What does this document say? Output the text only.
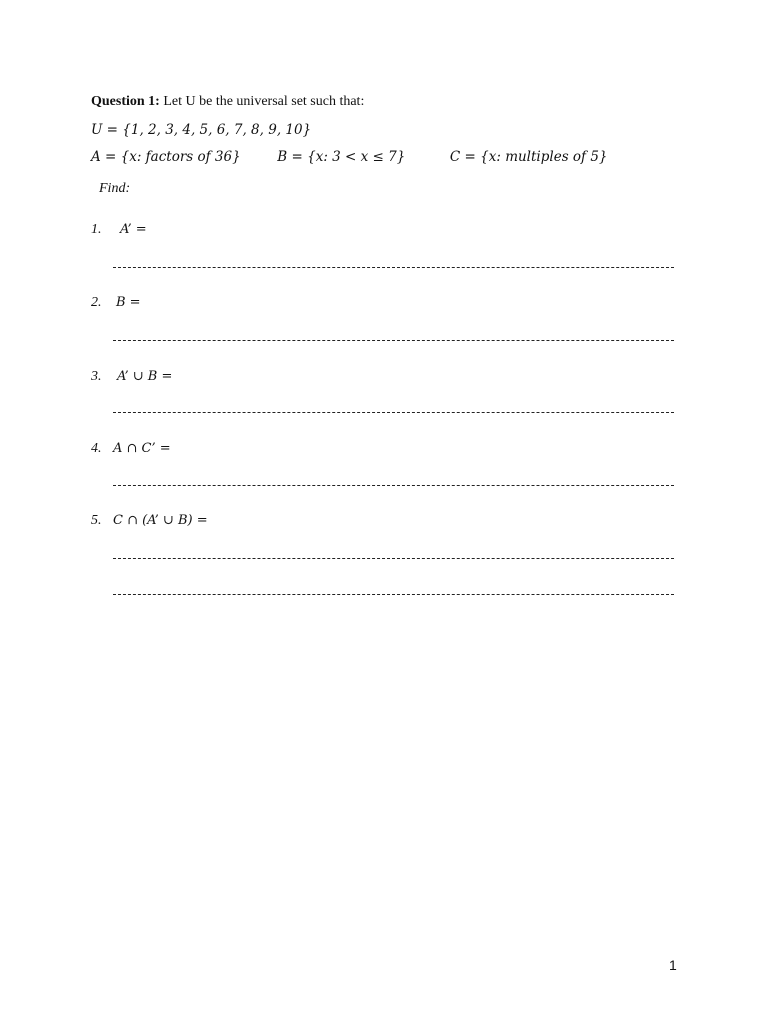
Question 1: Let U be the universal set such that:
U = {1, 2, 3, 4, 5, 6, 7, 8, 9, 10}
A = {x: factors of 36}	B = {x: 3 < x ≤ 7}	C = {x: multiples of 5}
Find:
1. A’ =
2. B =
3. A’ ∪ B =
4. A ∩ C’ =
5. C ∩ (A’ ∪ B) =
1
